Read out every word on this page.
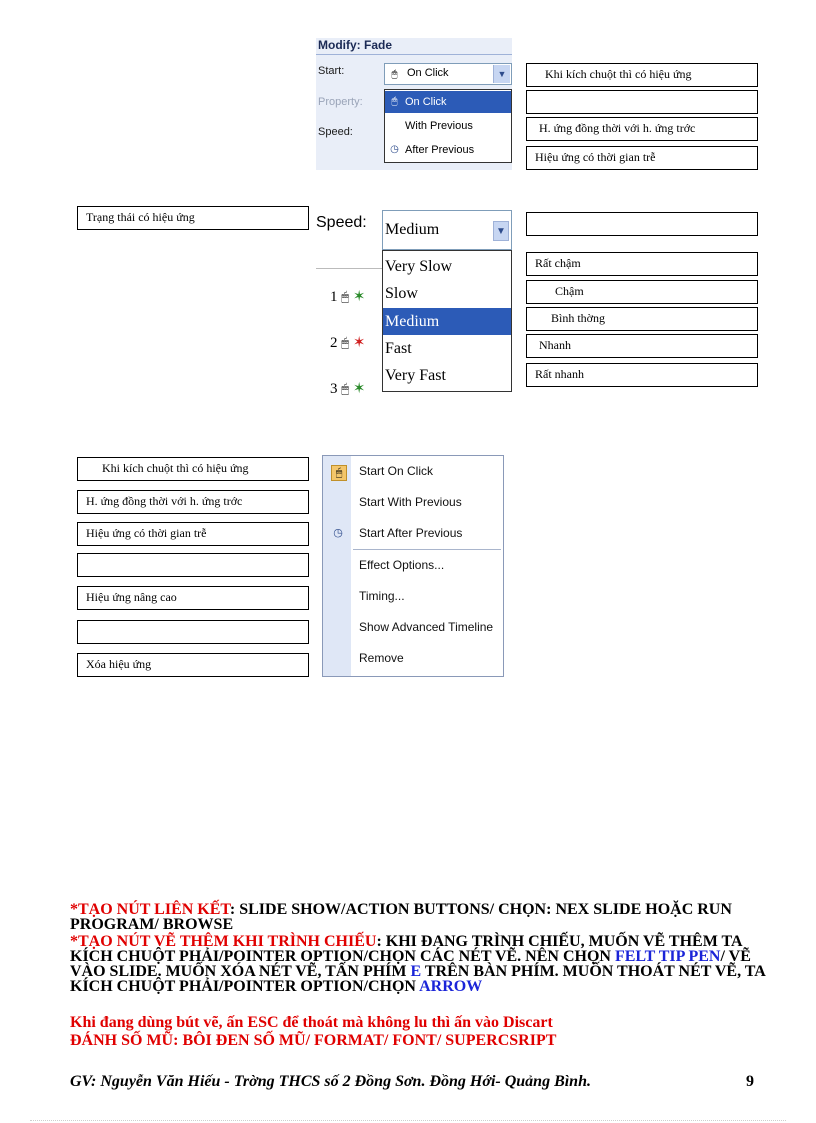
Modify: Fade
Start:
Property:
Speed:
🖱 On Click	▼
🖱 On Click
With Previous
◷ After Previous
Khi kích chuột thì có hiệu ứng
H. ứng đồng thời với h. ứng trớc
Hiệu ứng có thời gian trễ
Trạng thái có hiệu ứng	Speed: Medium	▼
1 🖱 ✶
2 🖱 ✶
3 🖱 ✶
Very Slow
Slow
Medium
Fast
Very Fast
Rất chậm
Chậm
Bình thờng
Nhanh
Rất nhanh
Khi kích chuột thì có hiệu ứng
H. ứng đồng thời với h. ứng trớc
Hiệu ứng có thời gian trễ
Hiệu ứng nâng cao
Xóa hiệu ứng
🖱	Start On Click
Start With Previous
◷ Start After Previous
Effect Options...
Timing...
Show Advanced Timeline
Remove
*TẠO NÚT LIÊN KẾT: SLIDE SHOW/ACTION BUTTONS/ CHỌN: NEX SLIDE HOẶC RUN PROGRAM/ BROWSE
*TẠO NÚT VẼ THÊM KHI TRÌNH CHIẾU: KHI ĐANG TRÌNH CHIẾU, MUỐN VẼ THÊM TA KÍCH CHUỘT PHẢI/POINTER OPTION/CHỌN CÁC NÉT VẼ. NÊN CHỌN FELT TIP PEN/ VẼ VÀO SLIDE. MUỐN XÓA NÉT VẼ, TẤN PHÍM E TRÊN BÀN PHÍM. MUỐN THOÁT NÉT VẼ, TA KÍCH CHUỘT PHẢI/POINTER OPTION/CHỌN ARROW
Khi đang dùng bút vẽ, ấn ESC để thoát mà không lu thì ấn vào Discart
ĐÁNH SỐ MŨ: BÔI ĐEN SỐ MŨ/ FORMAT/ FONT/ SUPERCSRIPT
GV: Nguyễn Văn Hiếu - Trờng THCS số 2 Đồng Sơn. Đồng Hới- Quảng Bình.	9
